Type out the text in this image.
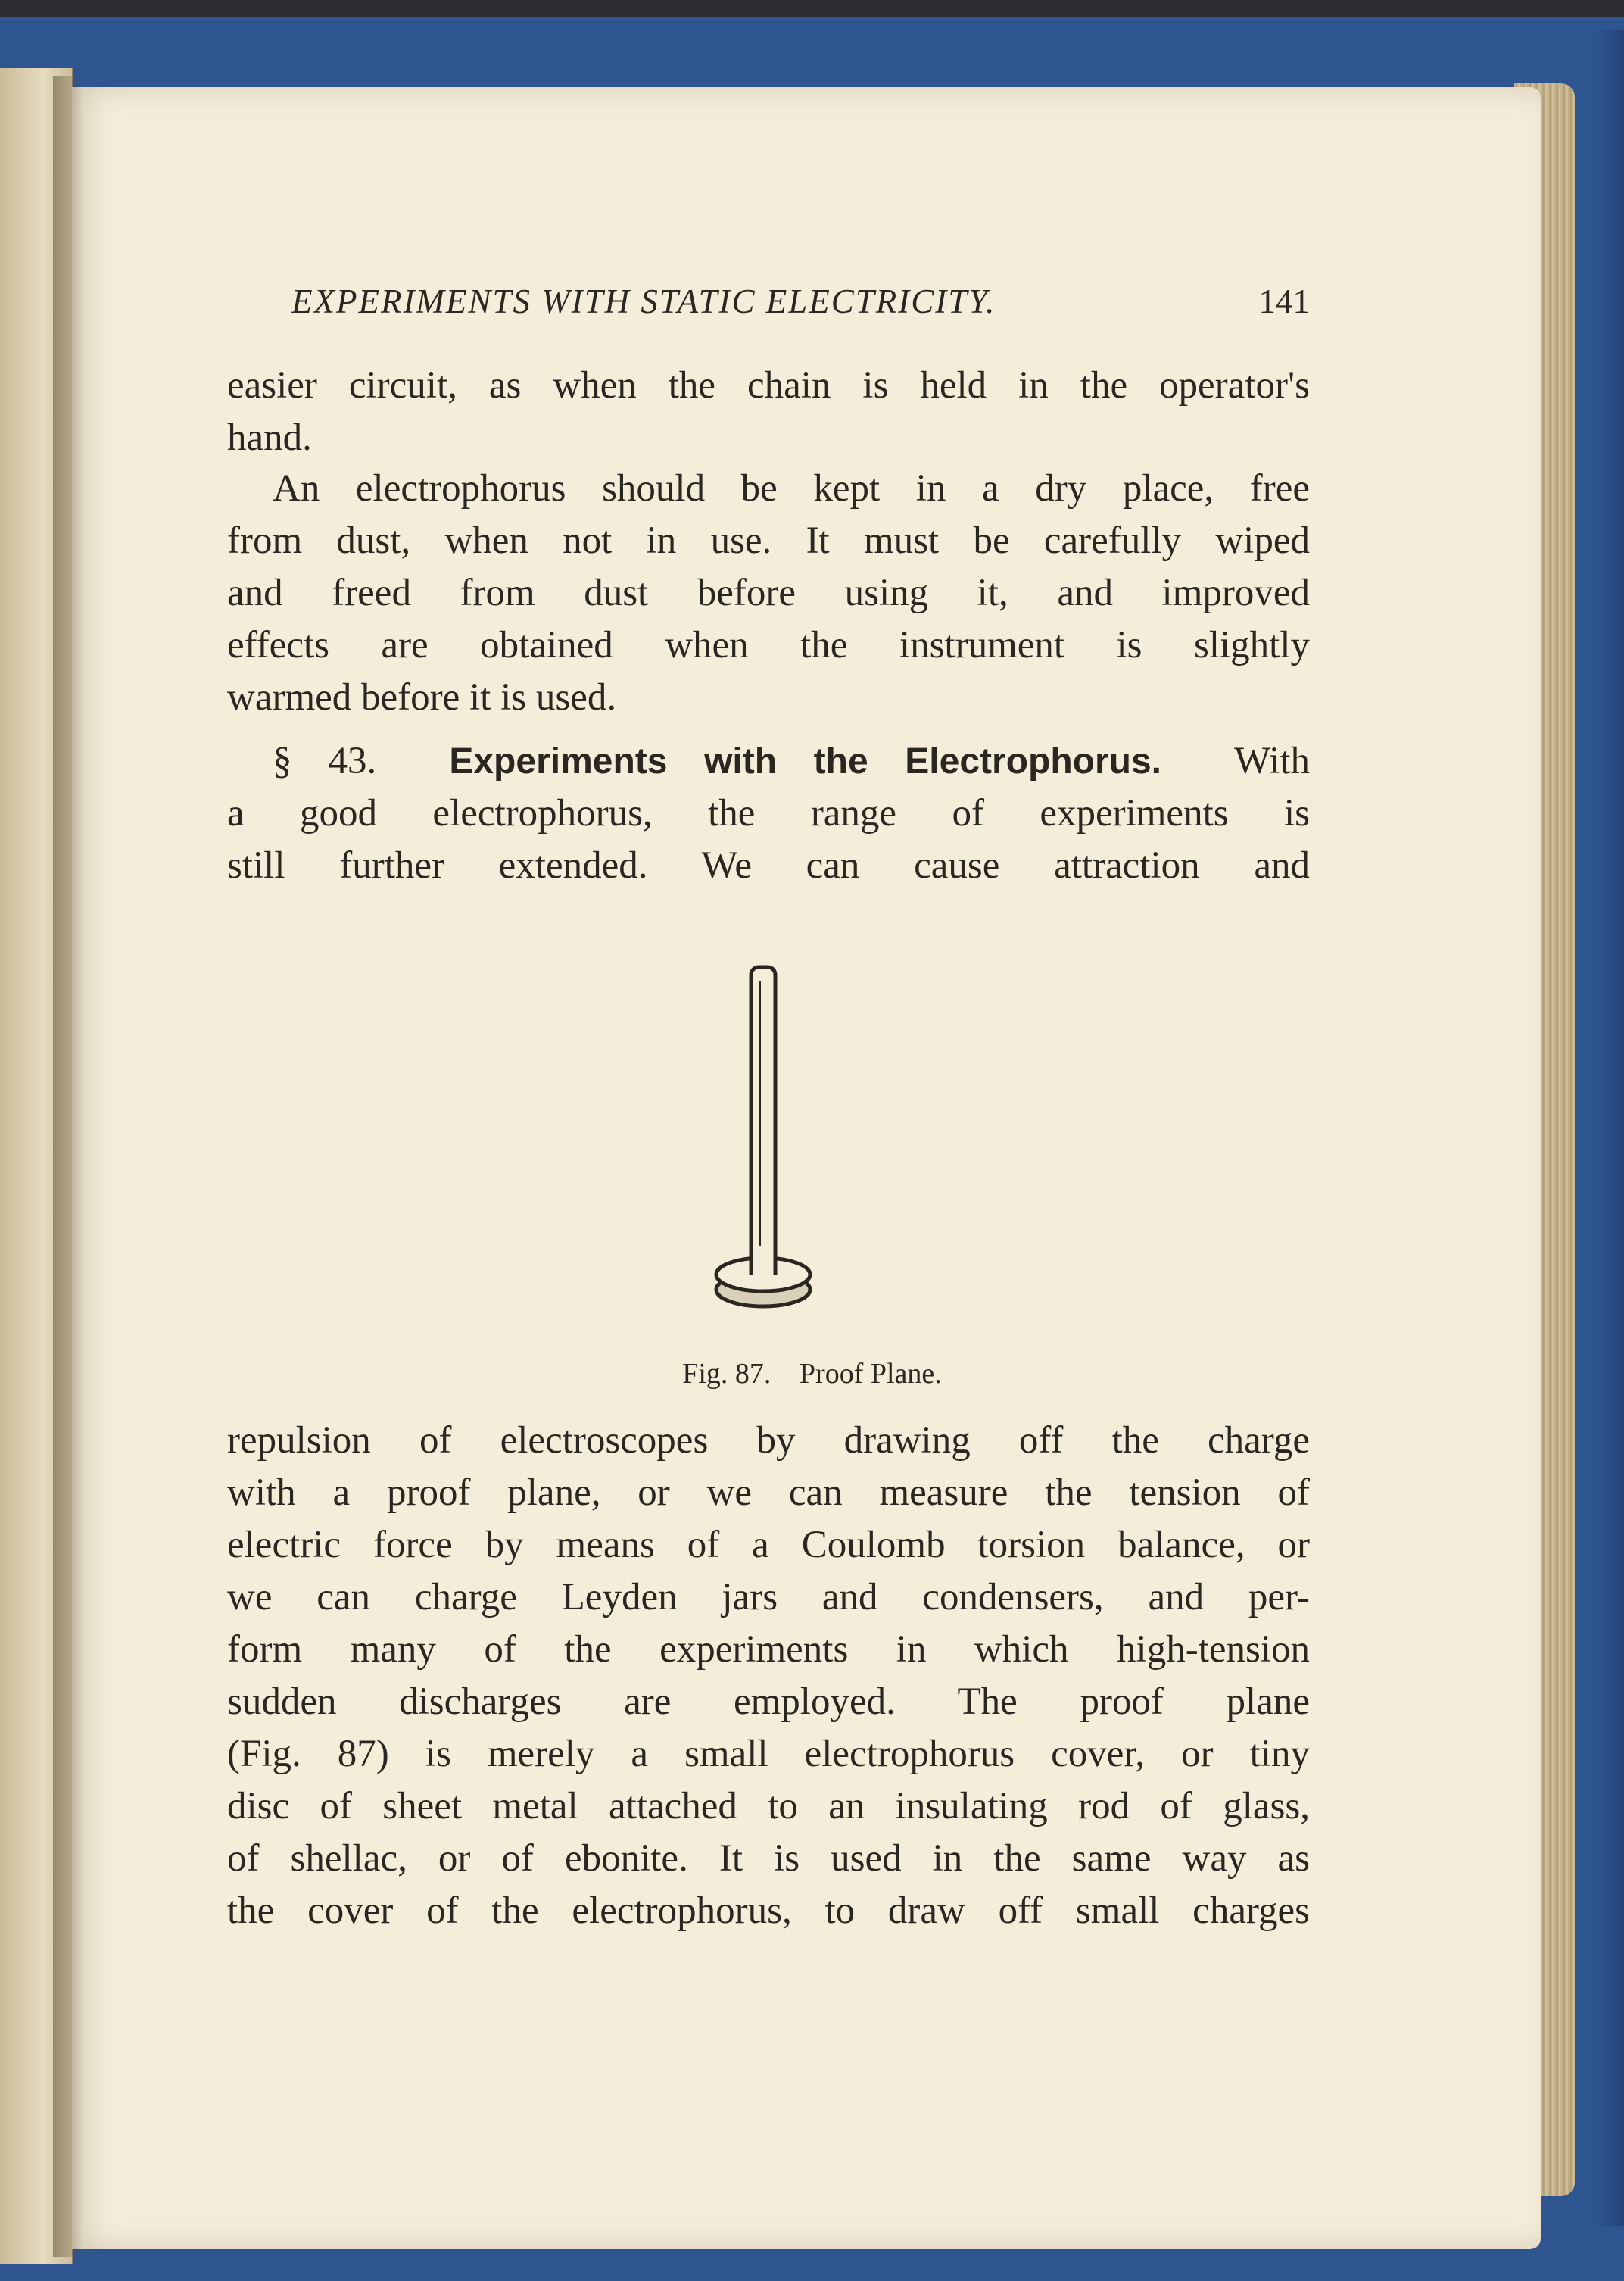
EXPERIMENTS WITH STATIC ELECTRICITY.	141
easier circuit, as when the chain is held in the operator's
hand.
An electrophorus should be kept in a dry place, free
from dust, when not in use. It must be carefully wiped
and freed from dust before using it, and improved
effects are obtained when the instrument is slightly
warmed before it is used.
§ 43. Experiments with the Electrophorus. With
a good electrophorus, the range of experiments is
still further extended. We can cause attraction and
Fig. 87. Proof Plane.
repulsion of electroscopes by drawing off the charge
with a proof plane, or we can measure the tension of
electric force by means of a Coulomb torsion balance, or
we can charge Leyden jars and condensers, and per-
form many of the experiments in which high-tension
sudden discharges are employed. The proof plane
(Fig. 87) is merely a small electrophorus cover, or tiny
disc of sheet metal attached to an insulating rod of glass,
of shellac, or of ebonite. It is used in the same way as
the cover of the electrophorus, to draw off small charges
